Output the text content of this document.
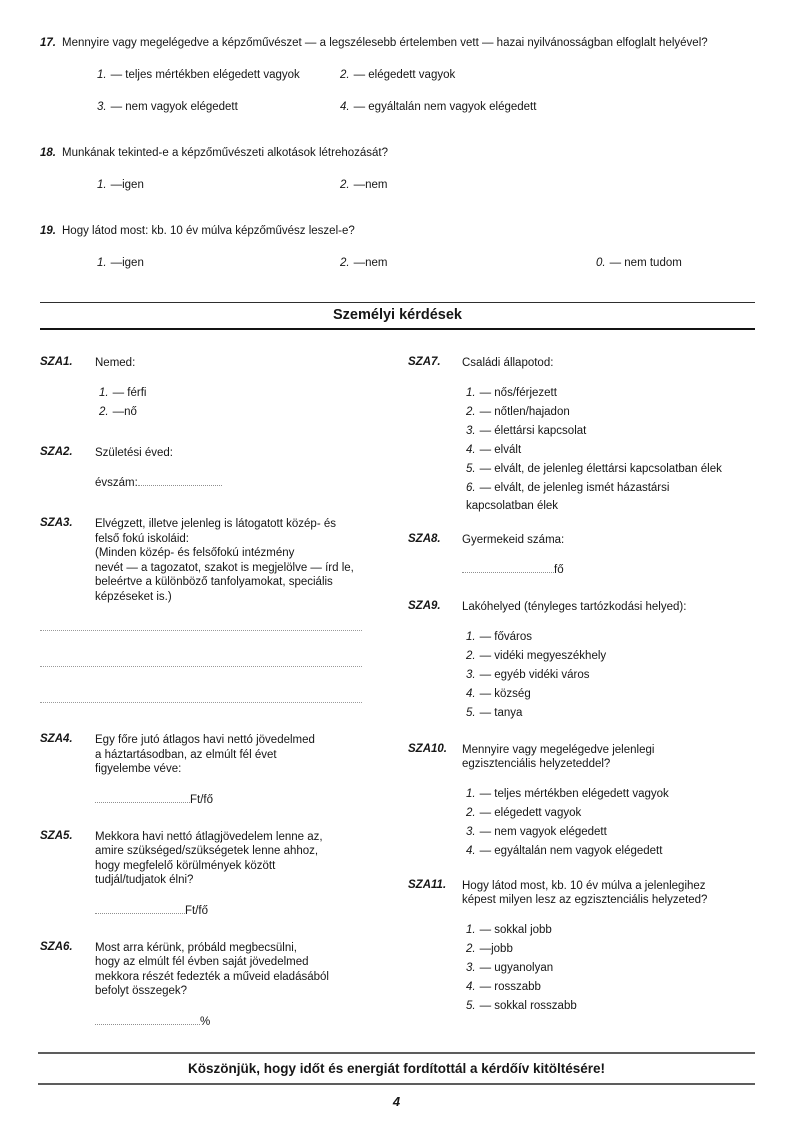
17. Mennyire vagy megelégedve a képzőművészet — a legszélesebb értelemben vett — hazai nyilvánosságban elfoglalt helyével?
1. — teljes mértékben elégedett vagyok	2. — elégedett vagyok
3. — nem vagyok elégedett	4. — egyáltalán nem vagyok elégedett
18. Munkának tekinted-e a képzőművészeti alkotások létrehozását?
1. —igen	2. —nem
19. Hogy látod most: kb. 10 év múlva képzőművész leszel-e?
1. —igen	2. —nem	0. — nem tudom
Személyi kérdések
SZA1.	Nemed:
1. — férfi
2. —nő
SZA2.	Születési éved:
évszám:
SZA3.	Elvégzett, illetve jelenleg is látogatott közép- és
felső fokú iskoláid:
(Minden közép- és felsőfokú intézmény
nevét — a tagozatot, szakot is megjelölve — írd le,
beleértve a különböző tanfolyamokat, speciális
képzéseket is.)
SZA4.	Egy főre jutó átlagos havi nettó jövedelmed
a háztartásodban, az elmúlt fél évet
figyelembe véve:
Ft/fő
SZA5.	Mekkora havi nettó átlagjövedelem lenne az,
amire szükséged/szükségetek lenne ahhoz,
hogy megfelelő körülmények között
tudjál/tudjatok élni?
Ft/fő
SZA6.	Most arra kérünk, próbáld megbecsülni,
hogy az elmúlt fél évben saját jövedelmed
mekkora részét fedezték a műveid eladásából
befolyt összegek?
%
SZA7.	Családi állapotod:
1. — nős/férjezett
2. — nőtlen/hajadon
3. — élettársi kapcsolat
4. — elvált
5. — elvált, de jelenleg élettársi kapcsolatban élek
6. — elvált, de jelenleg ismét házastársi
kapcsolatban élek
SZA8.	Gyermekeid száma:
fő
SZA9.	Lakóhelyed (tényleges tartózkodási helyed):
1. — főváros
2. — vidéki megyeszékhely
3. — egyéb vidéki város
4. — község
5. — tanya
SZA10.	Mennyire vagy megelégedve jelenlegi
egzisztenciális helyzeteddel?
1. — teljes mértékben elégedett vagyok
2. — elégedett vagyok
3. — nem vagyok elégedett
4. — egyáltalán nem vagyok elégedett
SZA11.	Hogy látod most, kb. 10 év múlva a jelenlegihez
képest milyen lesz az egzisztenciális helyzeted?
1. — sokkal jobb
2. —jobb
3. — ugyanolyan
4. — rosszabb
5. — sokkal rosszabb
Köszönjük, hogy időt és energiát fordítottál a kérdőív kitöltésére!
4
